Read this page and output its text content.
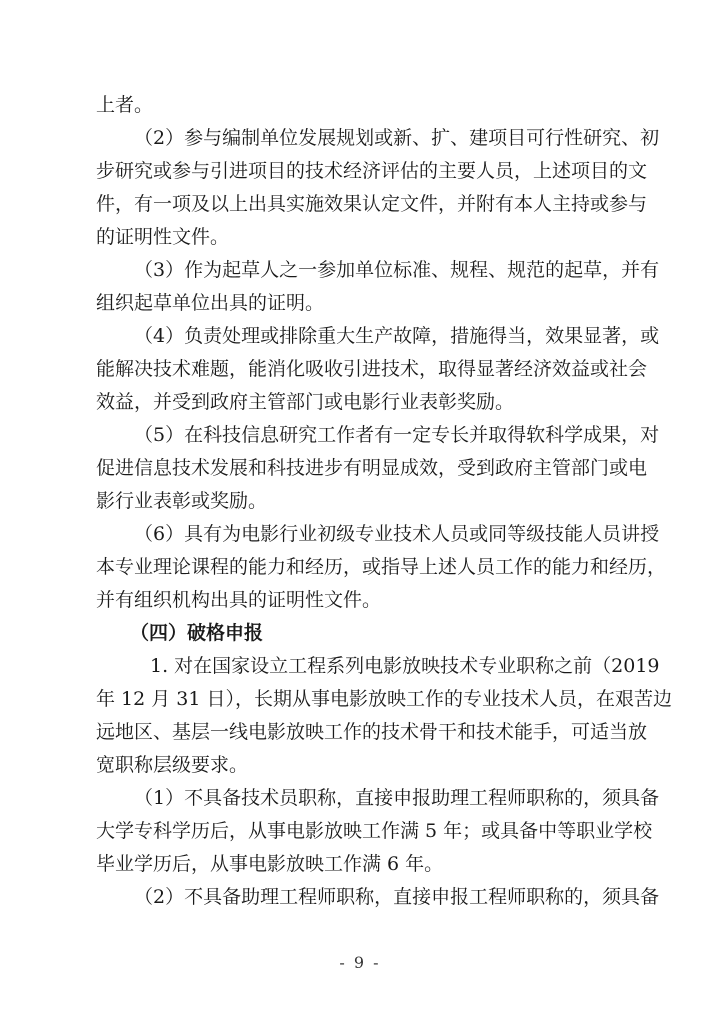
上者。
（2）参与编制单位发展规划或新、扩、建项目可行性研究、初
步研究或参与引进项目的技术经济评估的主要人员，上述项目的文
件，有一项及以上出具实施效果认定文件，并附有本人主持或参与
的证明性文件。
（3）作为起草人之一参加单位标准、规程、规范的起草，并有
组织起草单位出具的证明。
（4）负责处理或排除重大生产故障，措施得当，效果显著，或
能解决技术难题，能消化吸收引进技术，取得显著经济效益或社会
效益，并受到政府主管部门或电影行业表彰奖励。
（5）在科技信息研究工作者有一定专长并取得软科学成果，对
促进信息技术发展和科技进步有明显成效，受到政府主管部门或电
影行业表彰或奖励。
（6）具有为电影行业初级专业技术人员或同等级技能人员讲授
本专业理论课程的能力和经历，或指导上述人员工作的能力和经历，
并有组织机构出具的证明性文件。
（四）破格申报
1. 对在国家设立工程系列电影放映技术专业职称之前（2019
年 12 月 31 日），长期从事电影放映工作的专业技术人员，在艰苦边
远地区、基层一线电影放映工作的技术骨干和技术能手，可适当放
宽职称层级要求。
（1）不具备技术员职称，直接申报助理工程师职称的，须具备
大学专科学历后，从事电影放映工作满 5 年；或具备中等职业学校
毕业学历后，从事电影放映工作满 6 年。
（2）不具备助理工程师职称，直接申报工程师职称的，须具备
- 9 -
